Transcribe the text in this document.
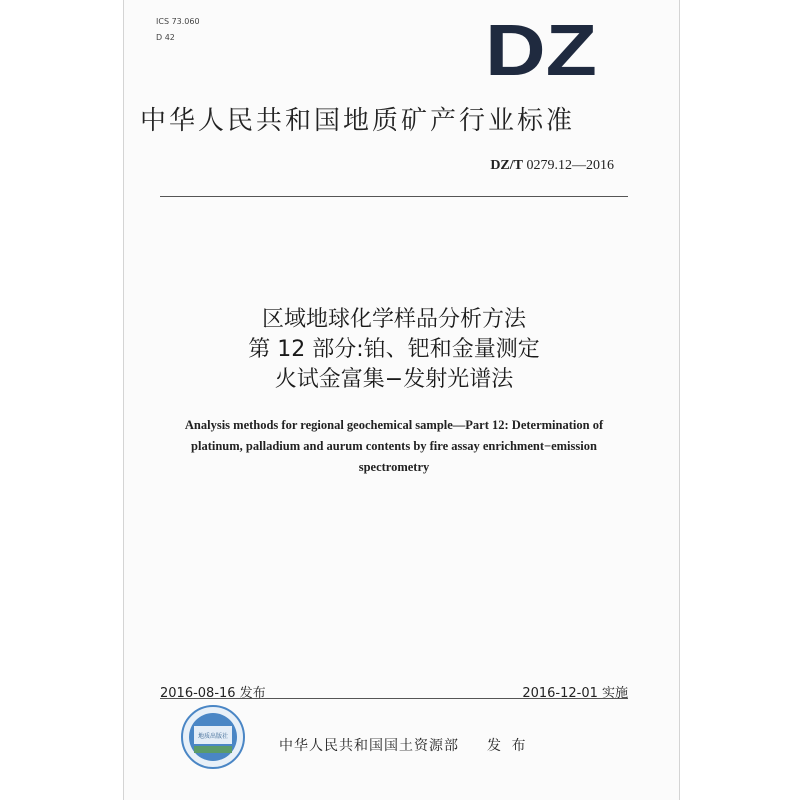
ICS 73.060
D 42	DZ
中华人民共和国地质矿产行业标准
DZ/T 0279.12—2016
区域地球化学样品分析方法
第 12 部分:铂、钯和金量测定
火试金富集−发射光谱法
Analysis methods for regional geochemical sample—Part 12: Determination of
platinum, palladium and aurum contents by fire assay enrichment−emission
spectrometry
2016-08-16 发布	2016-12-01 实施
地质出版社
中华人民共和国国土资源部 发 布
